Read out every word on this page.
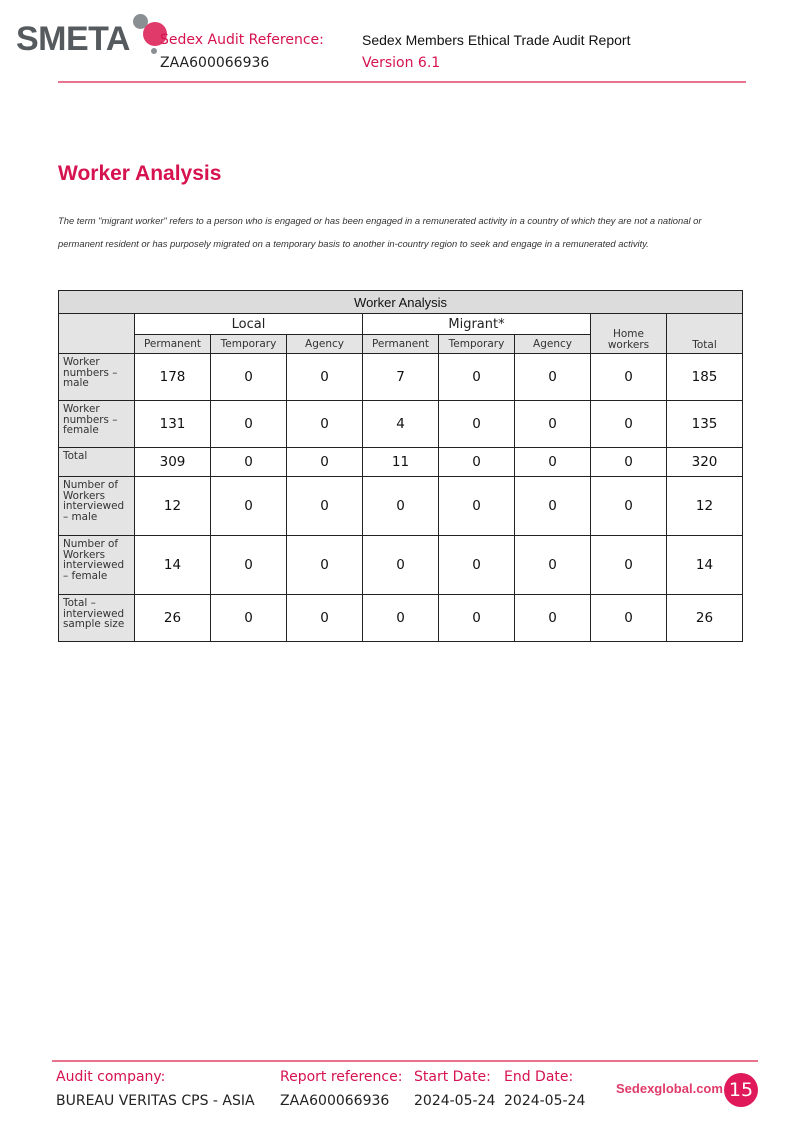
SMETA Sedex Audit Reference:
ZAA600066936
Sedex Members Ethical Trade Audit Report
Version 6.1
Worker Analysis

The term "migrant worker" refers to a person who is engaged or has been engaged in a remunerated activity in a country of which they are not a national or permanent resident or has purposely migrated on a temporary basis to another in-country region to seek and engage in a remunerated activity.

Worker Analysis								
	Local			Migrant*			Home workers	Total
	Permanent	Temporary	Agency	Permanent	Temporary	Agency		
Worker numbers – male	178	0	0	7	0	0	0	185
Worker numbers – female	131	0	0	4	0	0	0	135
Total	309	0	0	11	0	0	0	320
Number of Workers interviewed – male	12	0	0	0	0	0	0	12
Number of Workers interviewed – female	14	0	0	0	0	0	0	14
Total – interviewed sample size	26	0	0	0	0	0	0	26
Audit company:
BUREAU VERITAS CPS - ASIA
Report reference:
ZAA600066936
Start Date:
2024-05-24
End Date:
2024-05-24
Sedexglobal.com 15
